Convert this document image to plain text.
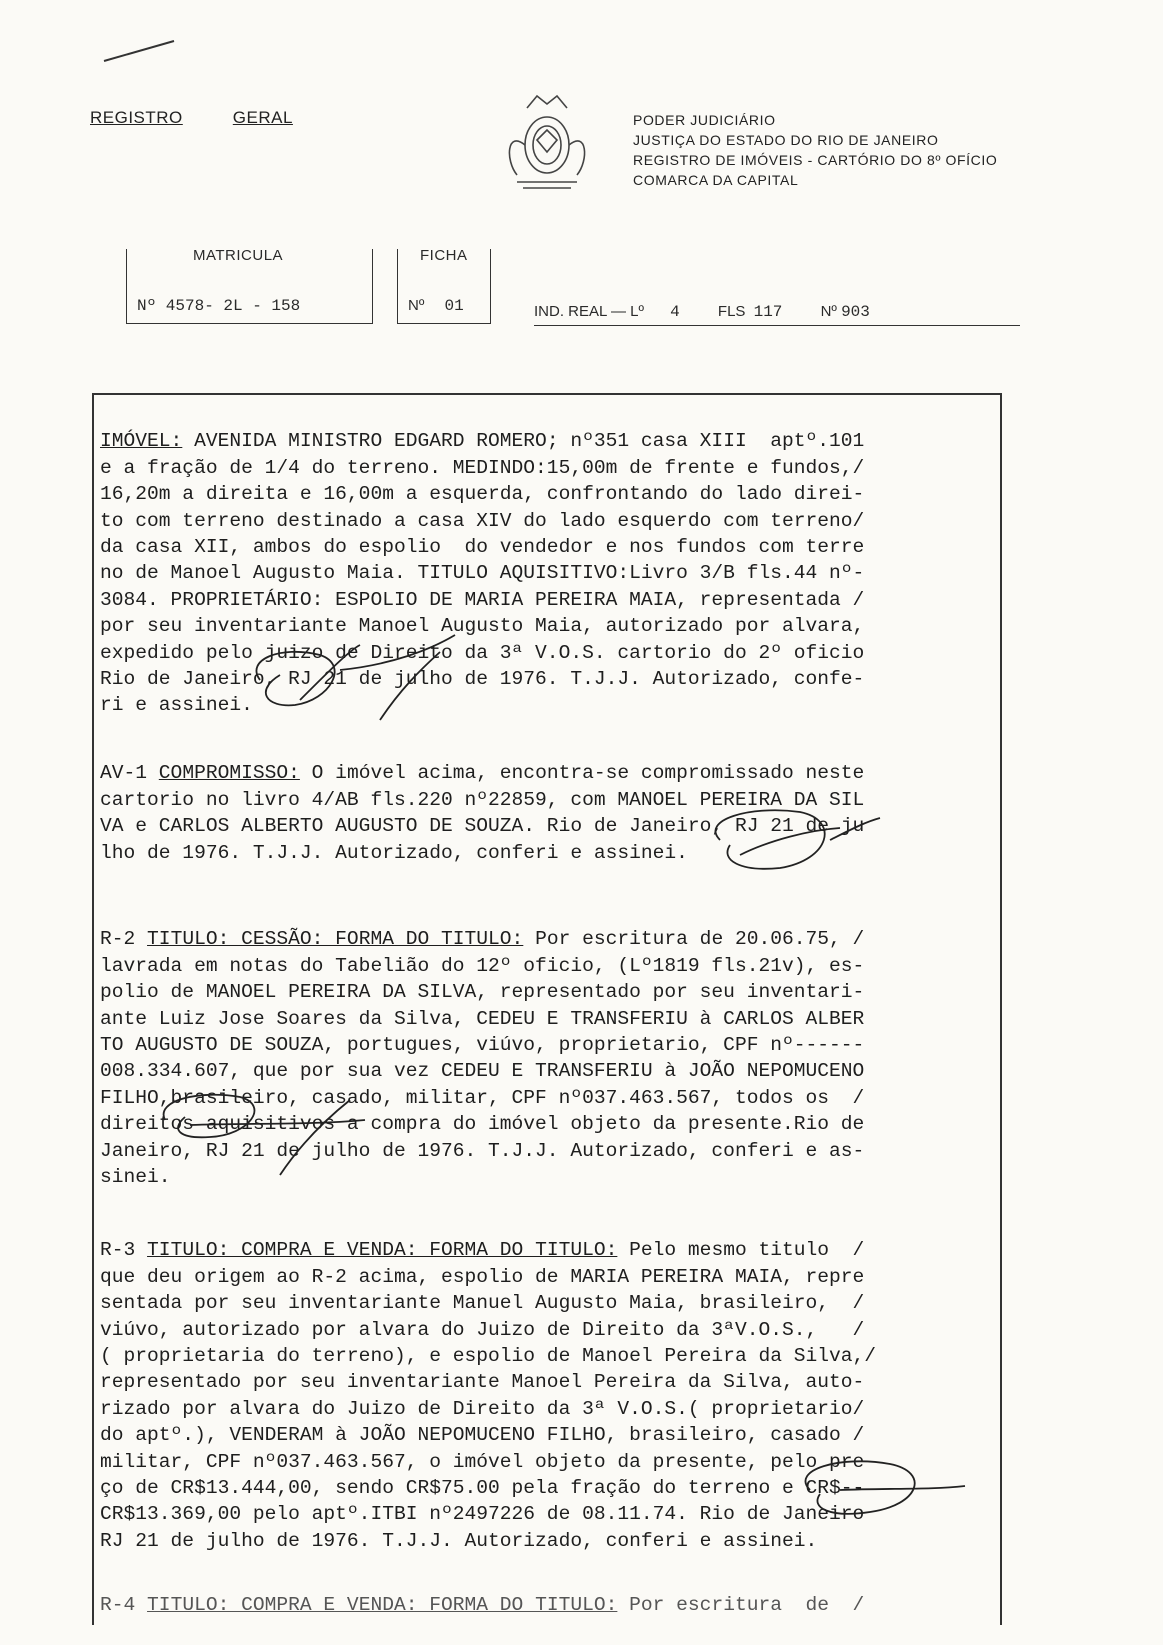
REGISTRO	GERAL	PODER JUDICIÁRIO
JUSTIÇA DO ESTADO DO RIO DE JANEIRO
REGISTRO DE IMÓVEIS - CARTÓRIO DO 8º OFÍCIO
COMARCA DA CAPITAL
MATRICULA
Nº 4578- 2L - 158
FICHA
Nº 01	IND. REAL — Lº 4	FLS 117	Nº 903

IMÓVEL: AVENIDA MINISTRO EDGARD ROMERO; nº351 casa XIII  aptº.101
e a fração de 1/4 do terreno. MEDINDO:15,00m de frente e fundos,/
16,20m a direita e 16,00m a esquerda, confrontando do lado direi-
to com terreno destinado a casa XIV do lado esquerdo com terreno/
da casa XII, ambos do espolio  do vendedor e nos fundos com terre
no de Manoel Augusto Maia. TITULO AQUISITIVO:Livro 3/B fls.44 nº-
3084. PROPRIETÁRIO: ESPOLIO DE MARIA PEREIRA MAIA, representada /
por seu inventariante Manoel Augusto Maia, autorizado por alvara,
expedido pelo juizo de Direito da 3ª V.O.S. cartorio do 2º oficio
Rio de Janeiro, RJ 21 de julho de 1976. T.J.J. Autorizado, confe-
ri e assinei.

AV-1 COMPROMISSO: O imóvel acima, encontra-se compromissado neste
cartorio no livro 4/AB fls.220 nº22859, com MANOEL PEREIRA DA SIL
VA e CARLOS ALBERTO AUGUSTO DE SOUZA. Rio de Janeiro, RJ 21 de ju
lho de 1976. T.J.J. Autorizado, conferi e assinei.

R-2 TITULO: CESSÃO: FORMA DO TITULO: Por escritura de 20.06.75, /
lavrada em notas do Tabelião do 12º oficio, (Lº1819 fls.21v), es-
polio de MANOEL PEREIRA DA SILVA, representado por seu inventari-
ante Luiz Jose Soares da Silva, CEDEU E TRANSFERIU à CARLOS ALBER
TO AUGUSTO DE SOUZA, portugues, viúvo, proprietario, CPF nº------
008.334.607, que por sua vez CEDEU E TRANSFERIU à JOÃO NEPOMUCENO
FILHO,brasileiro, casado, militar, CPF nº037.463.567, todos os  /
direitos aquisitivos a compra do imóvel objeto da presente.Rio de
Janeiro, RJ 21 de julho de 1976. T.J.J. Autorizado, conferi e as-
sinei.

R-3 TITULO: COMPRA E VENDA: FORMA DO TITULO: Pelo mesmo titulo  /
que deu origem ao R-2 acima, espolio de MARIA PEREIRA MAIA, repre
sentada por seu inventariante Manuel Augusto Maia, brasileiro,  /
viúvo, autorizado por alvara do Juizo de Direito da 3ªV.O.S.,   /
( proprietaria do terreno), e espolio de Manoel Pereira da Silva,/
representado por seu inventariante Manoel Pereira da Silva, auto-
rizado por alvara do Juizo de Direito da 3ª V.O.S.( proprietario/
do aptº.), VENDERAM à JOÃO NEPOMUCENO FILHO, brasileiro, casado /
militar, CPF nº037.463.567, o imóvel objeto da presente, pelo pre
ço de CR$13.444,00, sendo CR$75.00 pela fração do terreno e CR$--
CR$13.369,00 pelo aptº.ITBI nº2497226 de 08.11.74. Rio de Janeiro
RJ 21 de julho de 1976. T.J.J. Autorizado, conferi e assinei.

R-4 TITULO: COMPRA E VENDA: FORMA DO TITULO: Por escritura  de  /
